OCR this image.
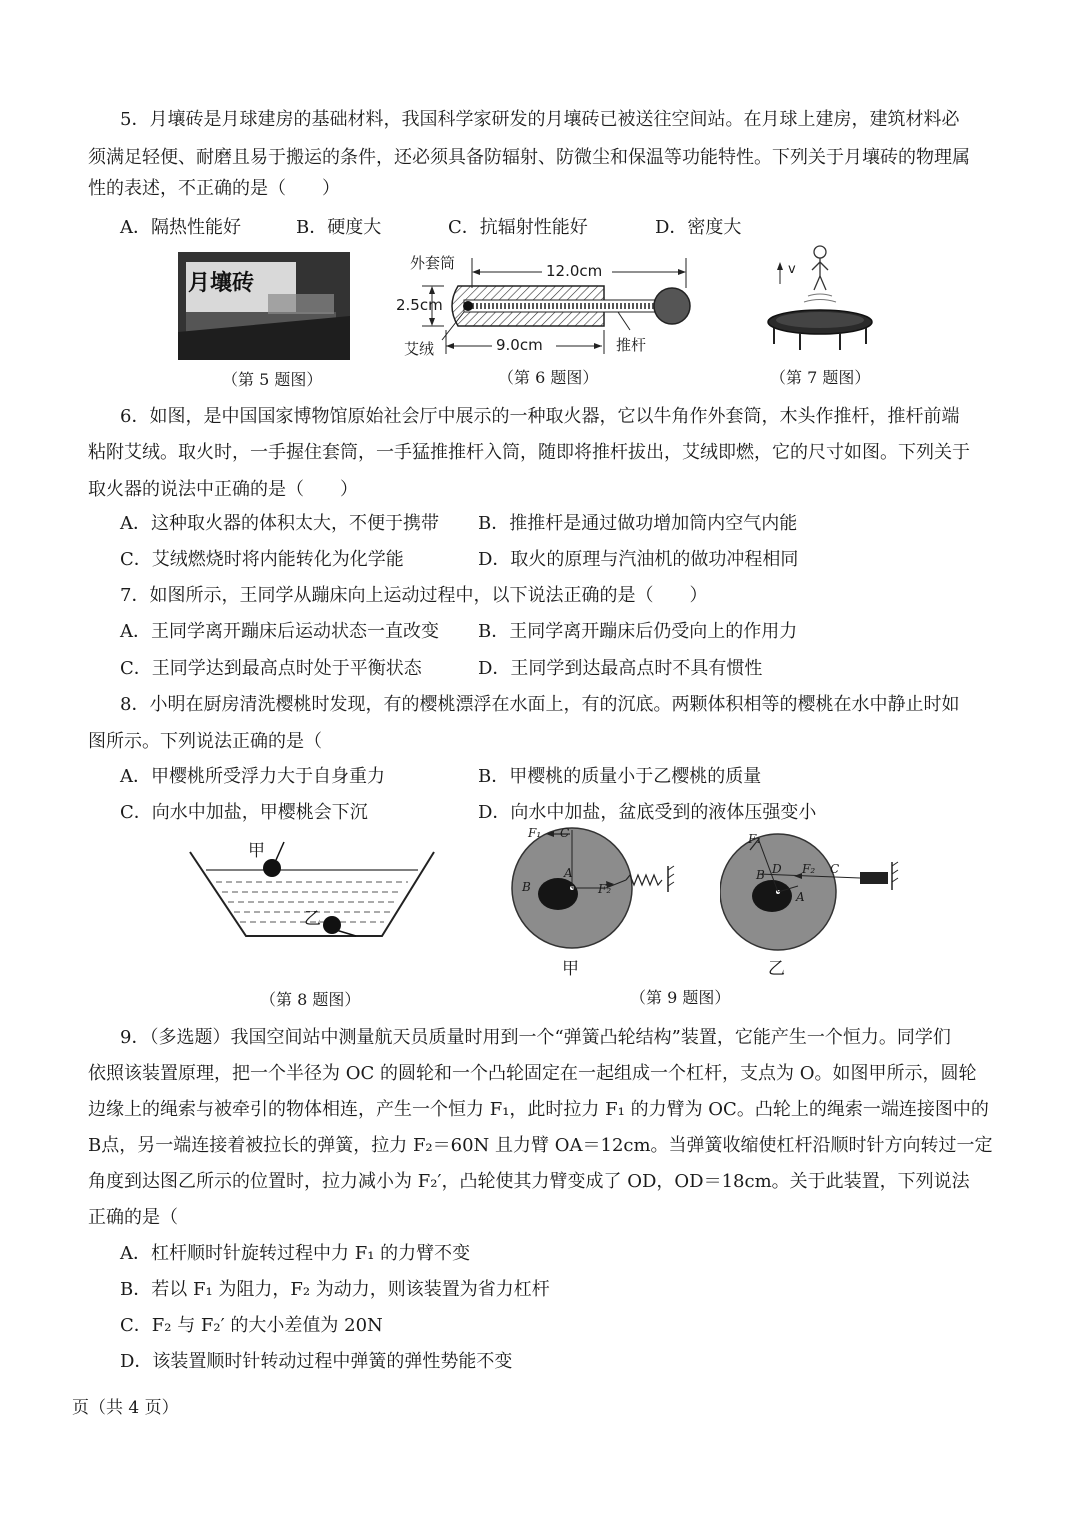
5．月壤砖是月球建房的基础材料，我国科学家研发的月壤砖已被送往空间站。在月球上建房，建筑材料必
须满足轻便、耐磨且易于搬运的条件，还必须具备防辐射、防微尘和保温等功能特性。下列关于月壤砖的物理属
性的表述，不正确的是（　　）
A．隔热性能好	B．硬度大	C．抗辐射性能好	D．密度大
月壤砖
（第 5 题图）
外套筒	12.0cm
2.5cm
9.0cm
艾绒	推杆
（第 6 题图）
v
（第 7 题图）
6．如图，是中国国家博物馆原始社会厅中展示的一种取火器，它以牛角作外套筒，木头作推杆，推杆前端
粘附艾绒。取火时，一手握住套筒，一手猛推推杆入筒，随即将推杆拔出，艾绒即燃，它的尺寸如图。下列关于
取火器的说法中正确的是（　　）
A．这种取火器的体积太大，不便于携带 B．推推杆是通过做功增加筒内空气内能
C．艾绒燃烧时将内能转化为化学能	D．取火的原理与汽油机的做功冲程相同
7．如图所示，王同学从蹦床向上运动过程中，以下说法正确的是（　　）
A．王同学离开蹦床后运动状态一直改变 B．王同学离开蹦床后仍受向上的作用力
C．王同学达到最高点时处于平衡状态	D．王同学到达最高点时不具有惯性
8．小明在厨房清洗樱桃时发现，有的樱桃漂浮在水面上，有的沉底。两颗体积相等的樱桃在水中静止时如
图所示。下列说法正确的是（
A．甲樱桃所受浮力大于自身重力	B．甲樱桃的质量小于乙樱桃的质量
C．向水中加盐，甲樱桃会下沉	D．向水中加盐，盆底受到的液体压强变小
甲
乙
（第 8 题图）
F₁ C
A
B	F₂
甲
F₁
D F₂ C
B
A
乙
（第 9 题图）
9．（多选题）我国空间站中测量航天员质量时用到一个“弹簧凸轮结构”装置，它能产生一个恒力。同学们
依照该装置原理，把一个半径为 OC 的圆轮和一个凸轮固定在一起组成一个杠杆，支点为 O。如图甲所示，圆轮
边缘上的绳索与被牵引的物体相连，产生一个恒力 F₁，此时拉力 F₁ 的力臂为 OC。凸轮上的绳索一端连接图中的
B点，另一端连接着被拉长的弹簧，拉力 F₂＝60N 且力臂 OA＝12cm。当弹簧收缩使杠杆沿顺时针方向转过一定
角度到达图乙所示的位置时，拉力减小为 F₂′，凸轮使其力臂变成了 OD，OD＝18cm。关于此装置，下列说法
正确的是（
A．杠杆顺时针旋转过程中力 F₁ 的力臂不变
B．若以 F₁ 为阻力，F₂ 为动力，则该装置为省力杠杆
C．F₂ 与 F₂′ 的大小差值为 20N
D．该装置顺时针转动过程中弹簧的弹性势能不变
页（共 4 页）
